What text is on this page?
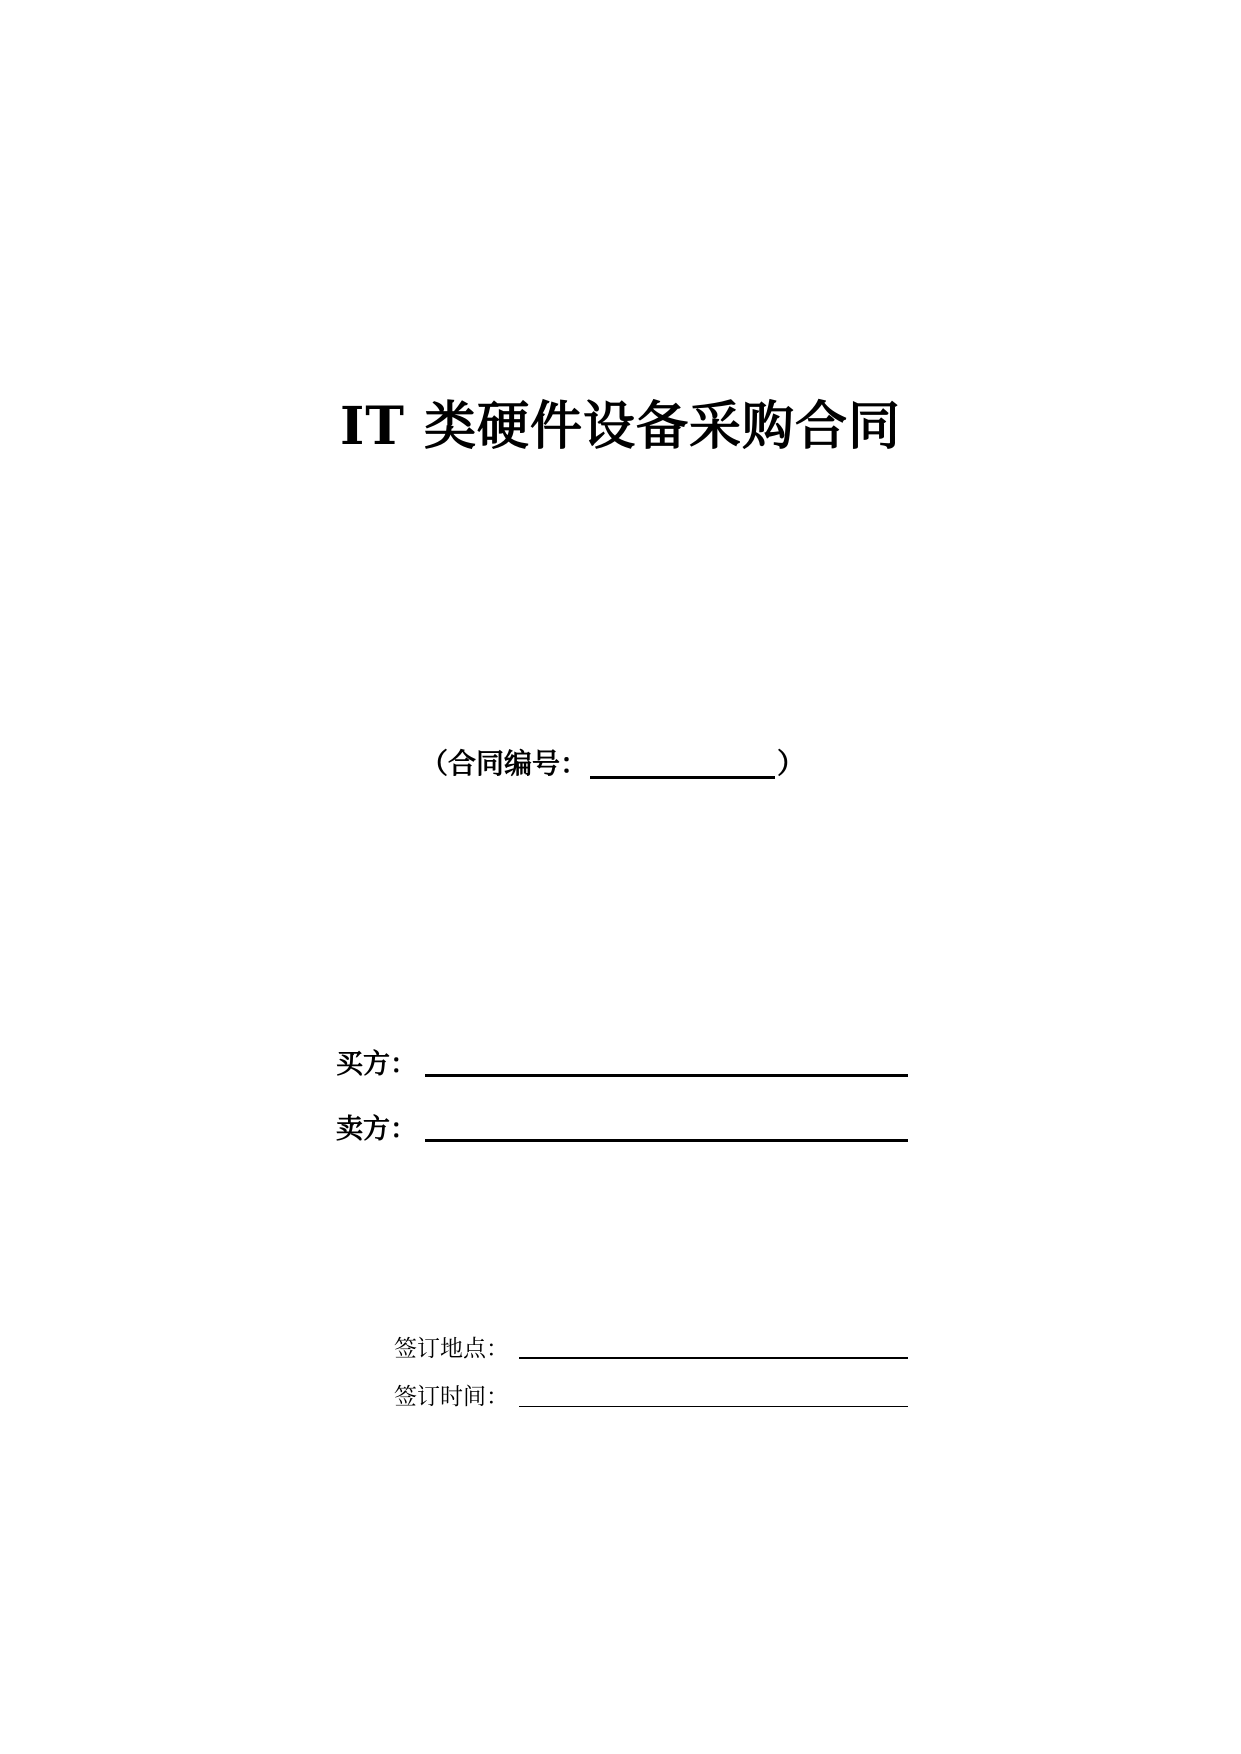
IT 类硬件设备采购合同
（合同编号：	）
买方：
卖方：
签订地点：
签订时间：
